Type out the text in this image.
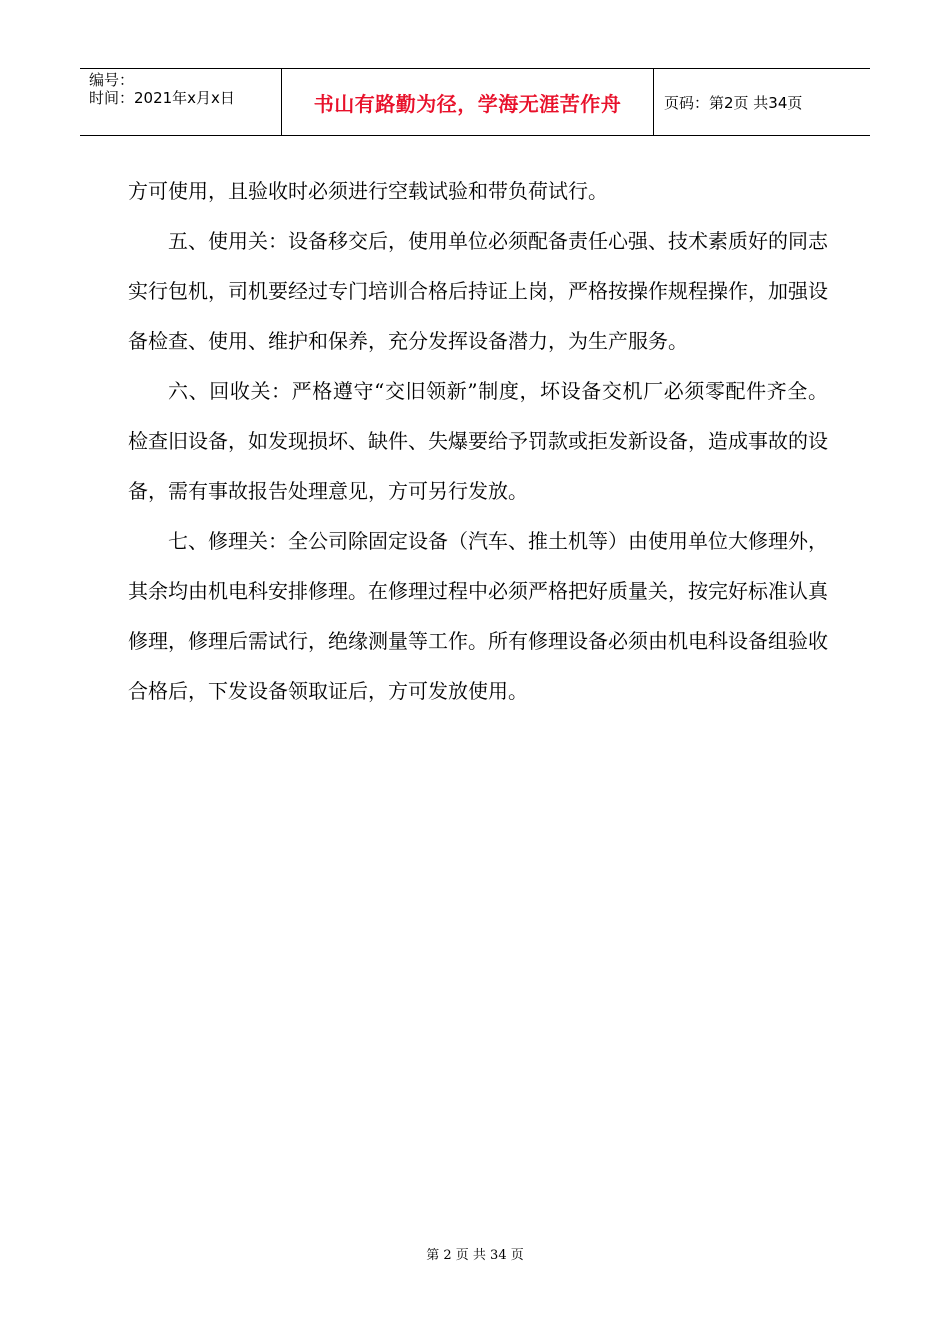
编号：
时间：2021年x月x日	书山有路勤为径，学海无涯苦作舟	页码：第2页 共34页

方可使用，且验收时必须进行空载试验和带负荷试行。

五、使用关：设备移交后，使用单位必须配备责任心强、技术素质好的同志实行包机，司机要经过专门培训合格后持证上岗，严格按操作规程操作，加强设备检查、使用、维护和保养，充分发挥设备潜力，为生产服务。

六、回收关：严格遵守“交旧领新”制度，坏设备交机厂必须零配件齐全。检查旧设备，如发现损坏、缺件、失爆要给予罚款或拒发新设备，造成事故的设备，需有事故报告处理意见，方可另行发放。

七、修理关：全公司除固定设备（汽车、推土机等）由使用单位大修理外，其余均由机电科安排修理。在修理过程中必须严格把好质量关，按完好标准认真修理，修理后需试行，绝缘测量等工作。所有修理设备必须由机电科设备组验收合格后，下发设备领取证后，方可发放使用。

第 2 页 共 34 页
